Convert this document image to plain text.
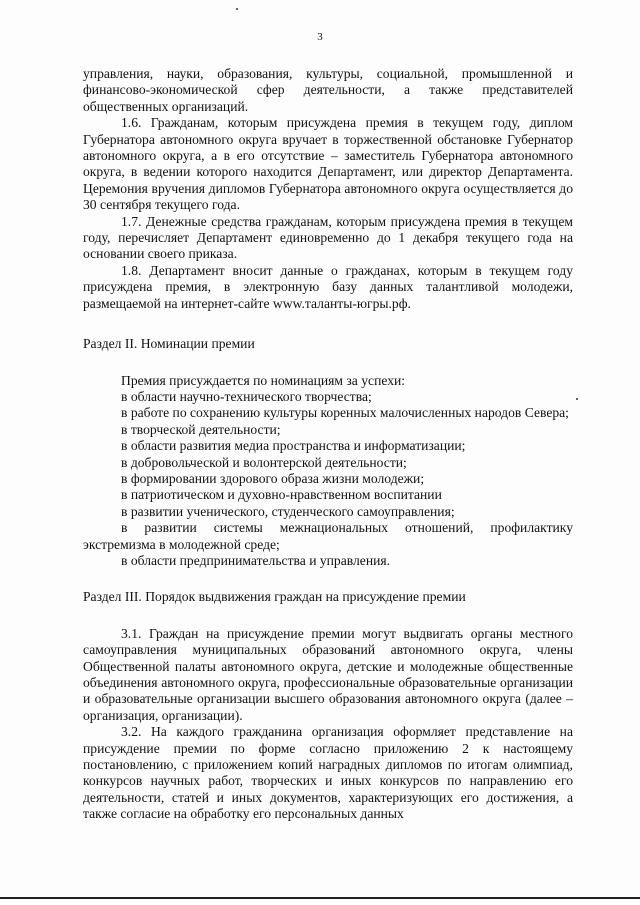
3

управления, науки, образования, культуры, социальной, промышленной и финансово-экономической сфер деятельности, а также представителей общественных организаций.

1.6. Гражданам, которым присуждена премия в текущем году, диплом Губернатора автономного округа вручает в торжественной обстановке Губернатор автономного округа, а в его отсутствие – заместитель Губернатора автономного округа, в ведении которого находится Департамент, или директор Департамента. Церемония вручения дипломов Губернатора автономного округа осуществляется до 30 сентября текущего года.

1.7. Денежные средства гражданам, которым присуждена премия в текущем году, перечисляет Департамент единовременно до 1 декабря текущего года на основании своего приказа.

1.8. Департамент вносит данные о гражданах, которым в текущем году присуждена премия, в электронную базу данных талантливой молодежи, размещаемой на интернет-сайте www.таланты-югры.рф.

Раздел II. Номинации премии

Премия присуждается по номинациям за успехи:

в области научно-технического творчества;

в работе по сохранению культуры коренных малочисленных народов Севера;

в творческой деятельности;

в области развития медиа пространства и информатизации;

в добровольческой и волонтерской деятельности;

в формировании здорового образа жизни молодежи;

в патриотическом и духовно-нравственном воспитании

в развитии ученического, студенческого самоуправления;

в развитии системы межнациональных отношений, профилактику экстремизма в молодежной среде;

в области предпринимательства и управления.

Раздел III. Порядок выдвижения граждан на присуждение премии

3.1. Граждан на присуждение премии могут выдвигать органы местного самоуправления муниципальных образований автономного округа, члены Общественной палаты автономного округа, детские и молодежные общественные объединения автономного округа, профессиональные образовательные организации и образовательные организации высшего образования автономного округа (далее – организация, организации).

3.2. На каждого гражданина организация оформляет представление на присуждение премии по форме согласно приложению 2 к настоящему постановлению, с приложением копий наградных дипломов по итогам олимпиад, конкурсов научных работ, творческих и иных конкурсов по направлению его деятельности, статей и иных документов, характеризующих его достижения, а также согласие на обработку его персональных данных
